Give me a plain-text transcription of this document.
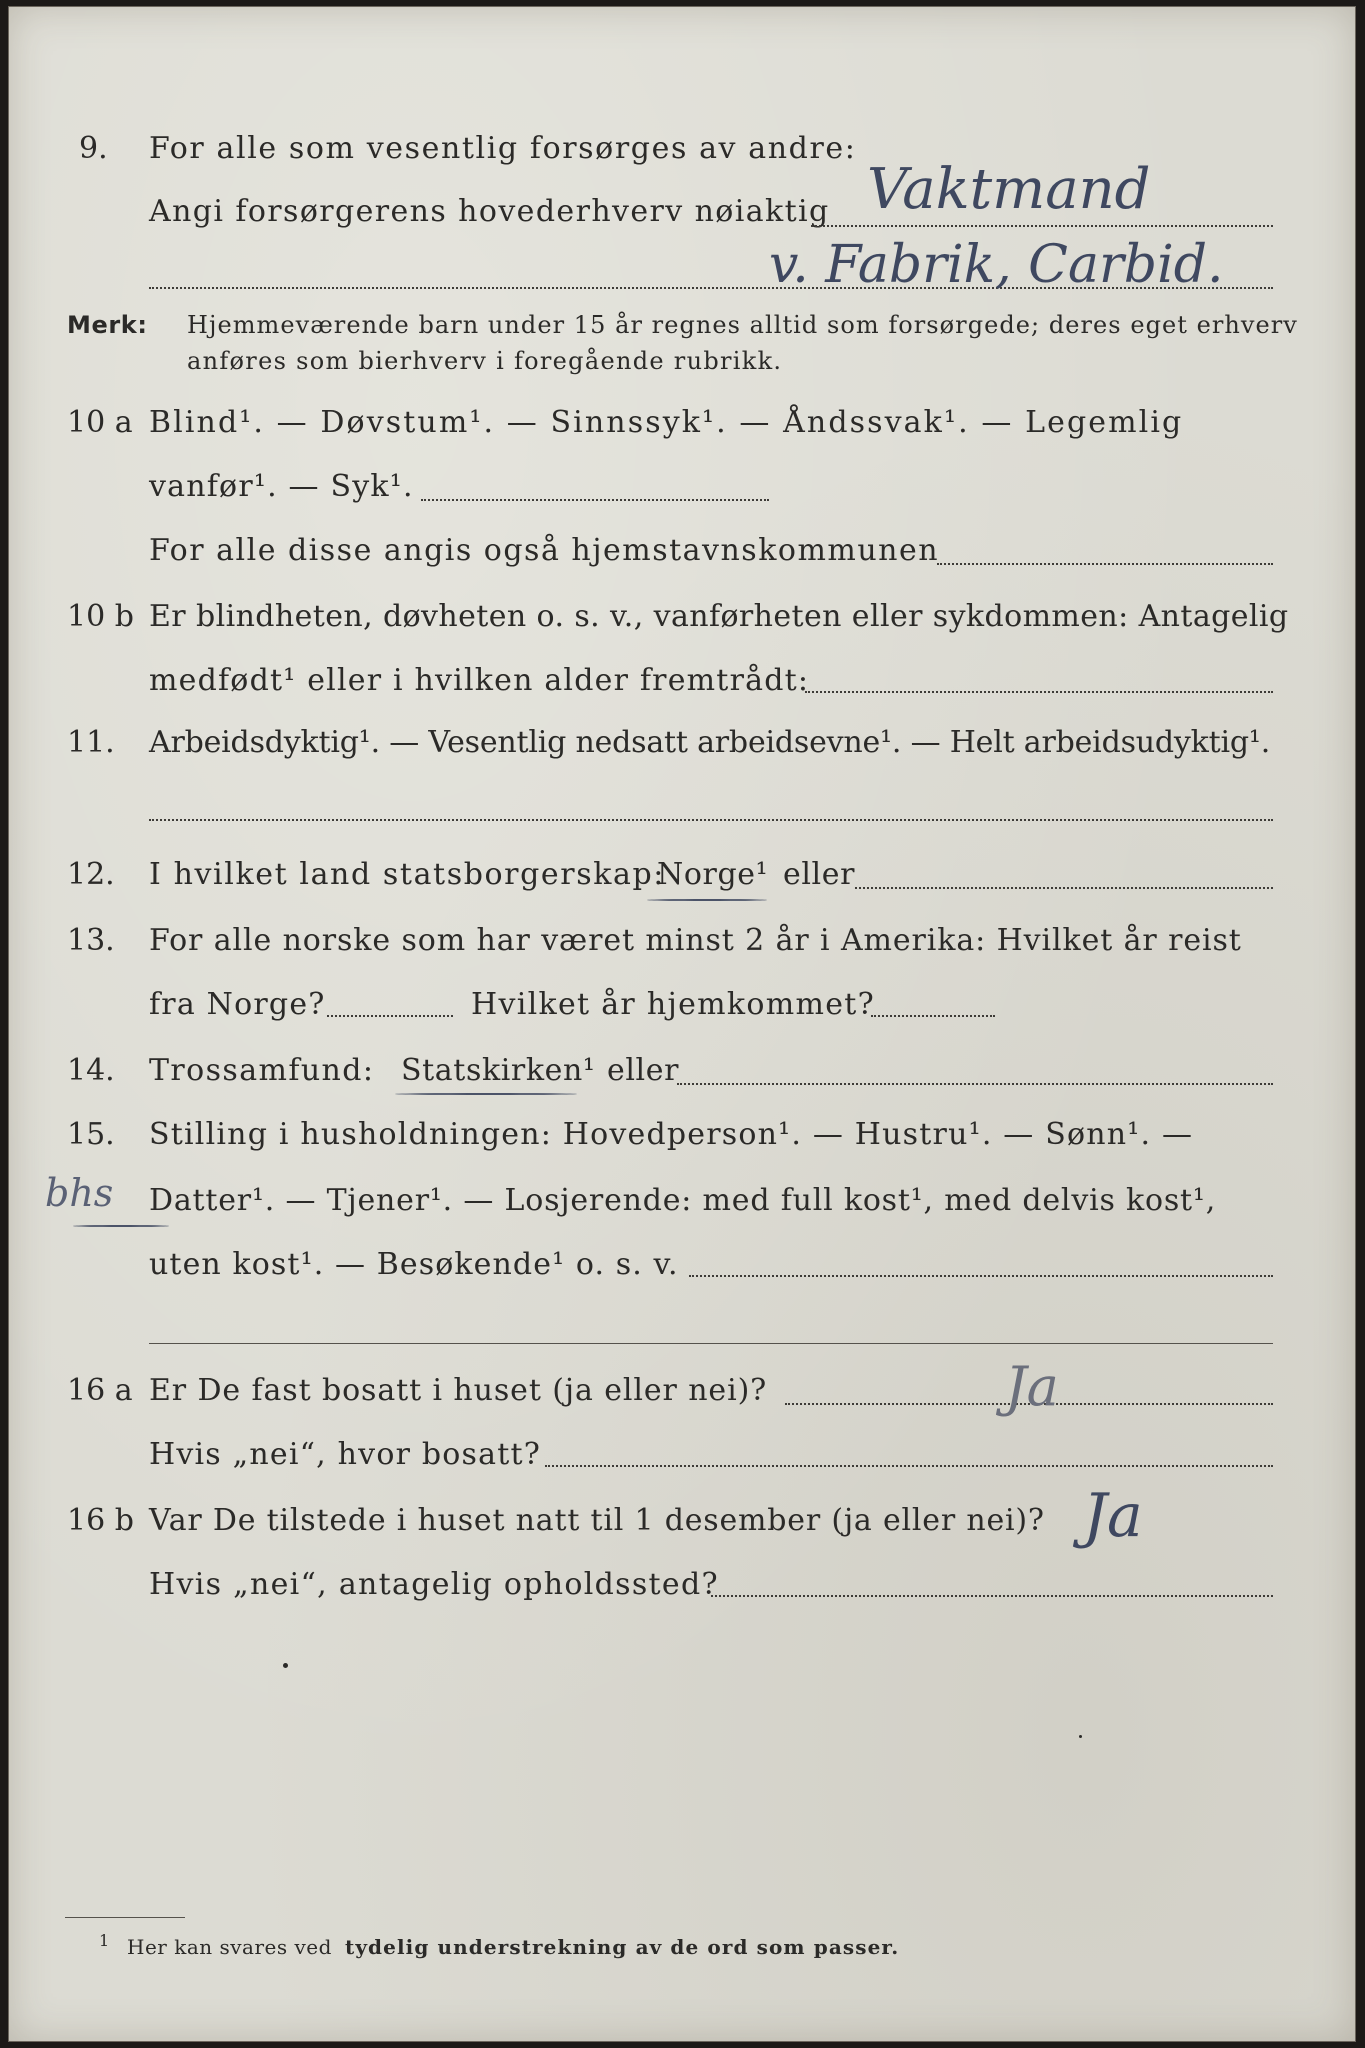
9. For alle som vesentlig forsørges av andre:
Angi forsørgerens hovederhverv nøiaktig Vaktmand
v. Fabrik, Carbid.
Merk: Hjemmeværende barn under 15 år regnes alltid som forsørgede; deres eget erhverv
anføres som bierhverv i foregående rubrikk.
10 a Blind¹. — Døvstum¹. — Sinnssyk¹. — Åndssvak¹. — Legemlig
vanfør¹. — Syk¹.
For alle disse angis også hjemstavnskommunen
10 b Er blindheten, døvheten o. s. v., vanførheten eller sykdommen: Antagelig
medfødt¹ eller i hvilken alder fremtrådt:
11. Arbeidsdyktig¹. — Vesentlig nedsatt arbeidsevne¹. — Helt arbeidsudyktig¹.
12. I hvilket land statsborgerskap:
Norge¹ eller
13. For alle norske som har været minst 2 år i Amerika: Hvilket år reist
fra Norge?	Hvilket år hjemkommet?
14. Trossamfund: Statskirken¹ eller
15. Stilling i husholdningen: Hovedperson¹. — Hustru¹. — Sønn¹. —
bhs Datter¹. — Tjener¹. — Losjerende: med full kost¹, med delvis kost¹,
uten kost¹. — Besøkende¹ o. s. v.
16 a Er De fast bosatt i huset (ja eller nei)?	Ja
Hvis „nei“, hvor bosatt?
16 b Var De tilstede i huset natt til 1 desember (ja eller nei)? Ja
Hvis „nei“, antagelig opholdssted?
1 Her kan svares ved tydelig understrekning av de ord som passer.
